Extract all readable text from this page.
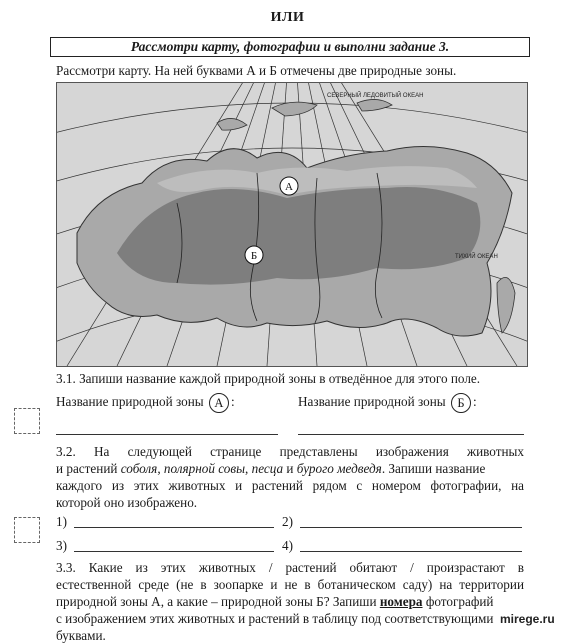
ИЛИ
Рассмотри карту, фотографии и выполни задание 3.
Рассмотри карту. На ней буквами А и Б отмечены две природные зоны.
СЕВЕРНЫЙ ЛЕДОВИТЫЙ ОКЕАН
ТИХИЙ ОКЕАН
А
Б
3.1. Запиши название каждой природной зоны в отведённое для этого поле.
Название природной зоны А :	Название природной зоны Б :
3.2. На следующей странице представлены изображения животных
и растений соболя, полярной совы, песца и бурого медведя. Запиши название
каждого из этих животных и растений рядом с номером фотографии, на
которой оно изображено.
1)	2)
3)	4)
3.3. Какие из этих животных / растений обитают / произрастают в
естественной среде (не в зоопарке и не в ботаническом саду) на территории
природной зоны А, а какие – природной зоны Б? Запиши номера фотографий
с изображением этих животных и растений в таблицу под соответствующими
буквами.
mirege.ru
